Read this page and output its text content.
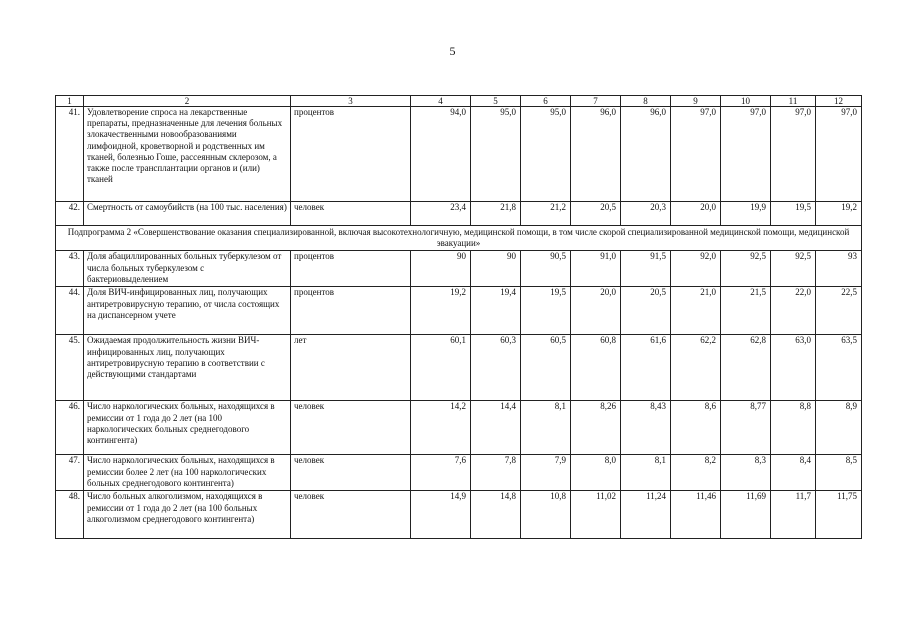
5
1	2	3	4	5	6	7	8	9	10	11	12
41.	Удовлетворение спроса на лекарственные препараты, предназначенные для лечения больных злокачественными новообразованиями лимфоидной, кроветворной и родственных им тканей, болезнью Гоше, рассеянным склерозом, а также после трансплантации органов и (или) тканей	процентов	94,0	95,0	95,0	96,0	96,0	97,0	97,0	97,0	97,0
42.	Смертность от самоубийств (на 100 тыс. населения)	человек	23,4	21,8	21,2	20,5	20,3	20,0	19,9	19,5	19,2
Подпрограмма 2 «Совершенствование оказания специализированной, включая высокотехнологичную, медицинской помощи, в том числе скорой специализированной медицинской помощи, медицинской эвакуации»											
43.	Доля абациллированных больных туберкулезом от числа больных туберкулезом с бактериовыделением	процентов	90	90	90,5	91,0	91,5	92,0	92,5	92,5	93
44.	Доля ВИЧ-инфицированных лиц, получающих антиретровирусную терапию, от числа состоящих на диспансерном учете	процентов	19,2	19,4	19,5	20,0	20,5	21,0	21,5	22,0	22,5
45.	Ожидаемая продолжительность жизни ВИЧ-инфицированных лиц, получающих антиретровирусную терапию в соответствии с действующими стандартами	лет	60,1	60,3	60,5	60,8	61,6	62,2	62,8	63,0	63,5
46.	Число наркологических больных, находящихся в ремиссии от 1 года до 2 лет (на 100 наркологических больных среднегодового контингента)	человек	14,2	14,4	8,1	8,26	8,43	8,6	8,77	8,8	8,9
47.	Число наркологических больных, находящихся в ремиссии более 2 лет (на 100 наркологических больных среднегодового контингента)	человек	7,6	7,8	7,9	8,0	8,1	8,2	8,3	8,4	8,5
48.	Число больных алкоголизмом, находящихся в ремиссии от 1 года до 2 лет (на 100 больных алкоголизмом среднегодового контингента)	человек	14,9	14,8	10,8	11,02	11,24	11,46	11,69	11,7	11,75
